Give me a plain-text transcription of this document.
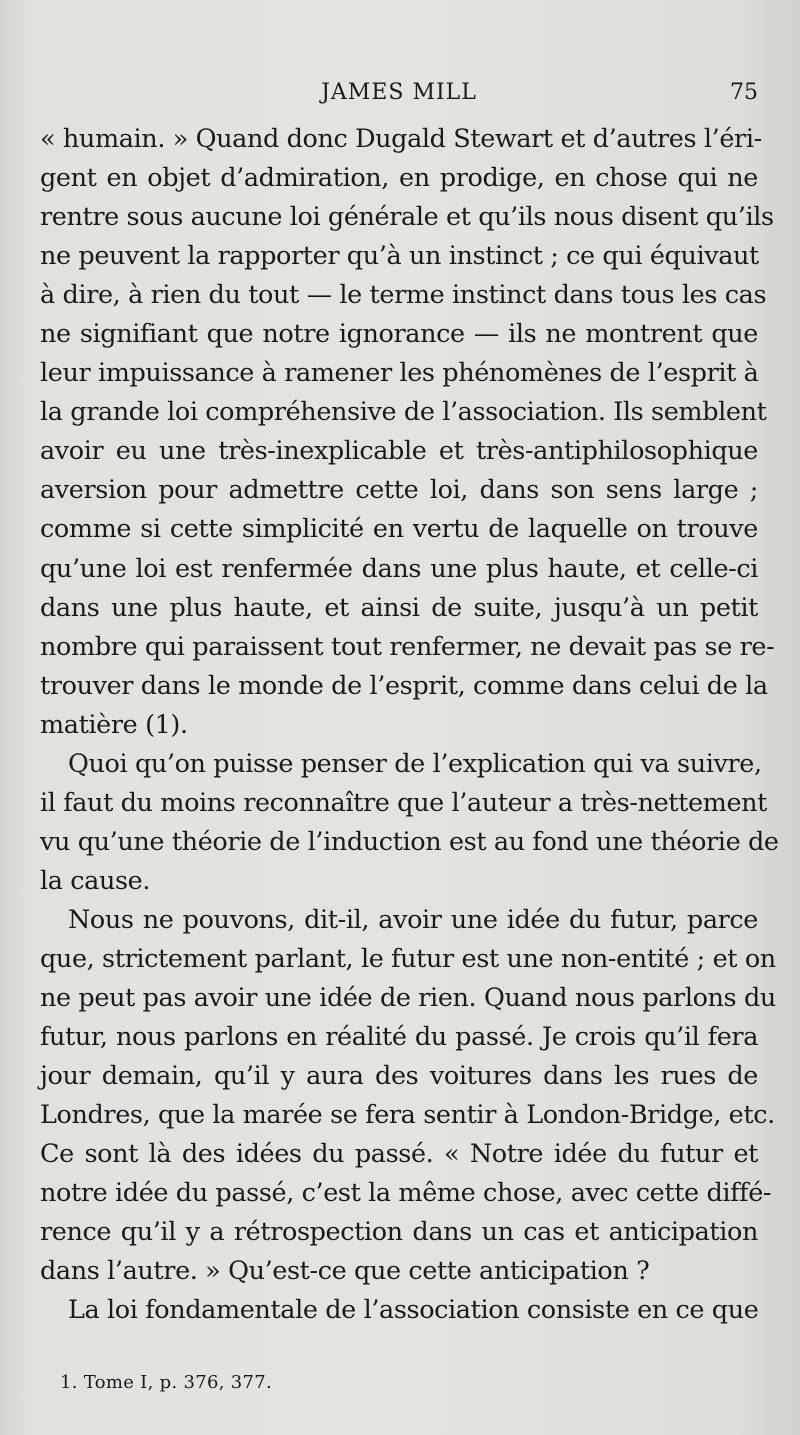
JAMES MILL	75
« humain. » Quand donc Dugald Stewart et d’autres l’éri-
gent en objet d’admiration, en prodige, en chose qui ne
rentre sous aucune loi générale et qu’ils nous disent qu’ils
ne peuvent la rapporter qu’à un instinct ; ce qui équivaut
à dire, à rien du tout — le terme instinct dans tous les cas
ne signifiant que notre ignorance — ils ne montrent que
leur impuissance à ramener les phénomènes de l’esprit à
la grande loi compréhensive de l’association. Ils semblent
avoir eu une très-inexplicable et très-antiphilosophique
aversion pour admettre cette loi, dans son sens large ;
comme si cette simplicité en vertu de laquelle on trouve
qu’une loi est renfermée dans une plus haute, et celle-ci
dans une plus haute, et ainsi de suite, jusqu’à un petit
nombre qui paraissent tout renfermer, ne devait pas se re-
trouver dans le monde de l’esprit, comme dans celui de la
matière (1).
Quoi qu’on puisse penser de l’explication qui va suivre,
il faut du moins reconnaître que l’auteur a très-nettement
vu qu’une théorie de l’induction est au fond une théorie de
la cause.
Nous ne pouvons, dit-il, avoir une idée du futur, parce
que, strictement parlant, le futur est une non-entité ; et on
ne peut pas avoir une idée de rien. Quand nous parlons du
futur, nous parlons en réalité du passé. Je crois qu’il fera
jour demain, qu’il y aura des voitures dans les rues de
Londres, que la marée se fera sentir à London-Bridge, etc.
Ce sont là des idées du passé. « Notre idée du futur et
notre idée du passé, c’est la même chose, avec cette diffé-
rence qu’il y a rétrospection dans un cas et anticipation
dans l’autre. » Qu’est-ce que cette anticipation ?
La loi fondamentale de l’association consiste en ce que
1. Tome I, p. 376, 377.
